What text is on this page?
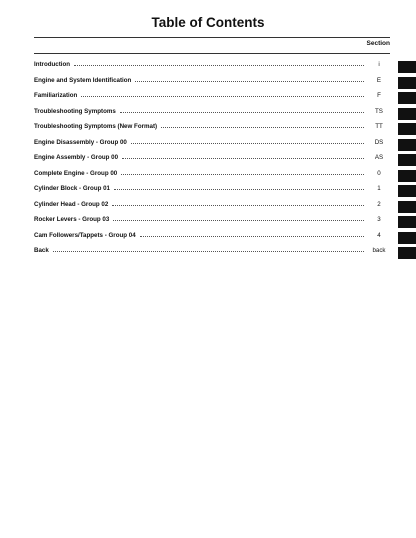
Table of Contents
Section
Introduction	i
Engine and System Identification	E
Familiarization	F
Troubleshooting Symptoms	TS
Troubleshooting Symptoms (New Format)	TT
Engine Disassembly - Group 00	DS
Engine Assembly - Group 00	AS
Complete Engine - Group 00	0
Cylinder Block - Group 01	1
Cylinder Head - Group 02	2
Rocker Levers - Group 03	3
Cam Followers/Tappets - Group 04	4
Back	back
